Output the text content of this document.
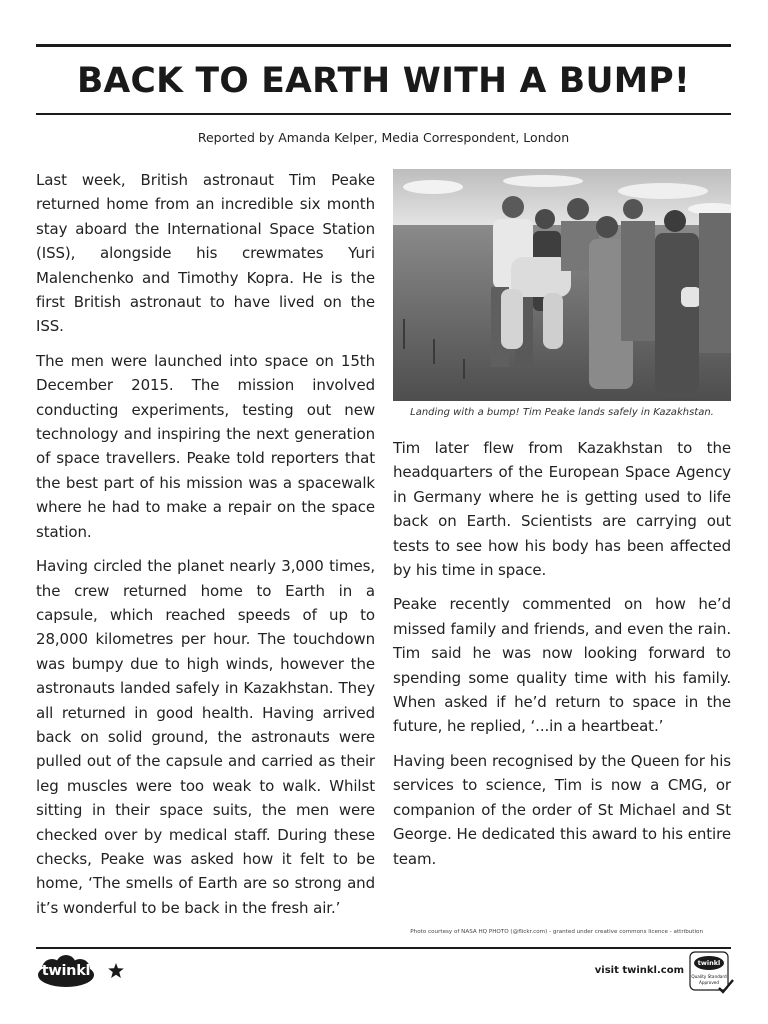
BACK TO EARTH WITH A BUMP!
Reported by Amanda Kelper, Media Correspondent, London

Last week, British astronaut Tim Peake returned home from an incredible six month stay aboard the International Space Station (ISS), alongside his crewmates Yuri Malenchenko and Timothy Kopra. He is the first British astronaut to have lived on the ISS.

The men were launched into space on 15th December 2015. The mission involved conducting experiments, testing out new technology and inspiring the next generation of space travellers. Peake told reporters that the best part of his mission was a spacewalk where he had to make a repair on the space station.

Having circled the planet nearly 3,000 times, the crew returned home to Earth in a capsule, which reached speeds of up to 28,000 kilometres per hour. The touchdown was bumpy due to high winds, however the astronauts landed safely in Kazakhstan. They all returned in good health. Having arrived back on solid ground, the astronauts were pulled out of the capsule and carried as their leg muscles were too weak to walk. Whilst sitting in their space suits, the men were checked over by medical staff. During these checks, Peake was asked how it felt to be home, ‘The smells of Earth are so strong and it’s wonderful to be back in the fresh air.’

Landing with a bump! Tim Peake lands safely in Kazakhstan.

Tim later flew from Kazakhstan to the headquarters of the European Space Agency in Germany where he is getting used to life back on Earth. Scientists are carrying out tests to see how his body has been affected by his time in space.

Peake recently commented on how he’d missed family and friends, and even the rain. Tim said he was now looking forward to spending some quality time with his family. When asked if he’d return to space in the future, he replied, ‘...in a heartbeat.’

Having been recognised by the Queen for his services to science, Tim is now a CMG, or companion of the order of St Michael and St George. He dedicated this award to his entire team.

Photo courtesy of NASA HQ PHOTO (@flickr.com) - granted under creative commons licence - attribution
twinkl	visit twinkl.com
twinkl
Quality Standard
Approved
